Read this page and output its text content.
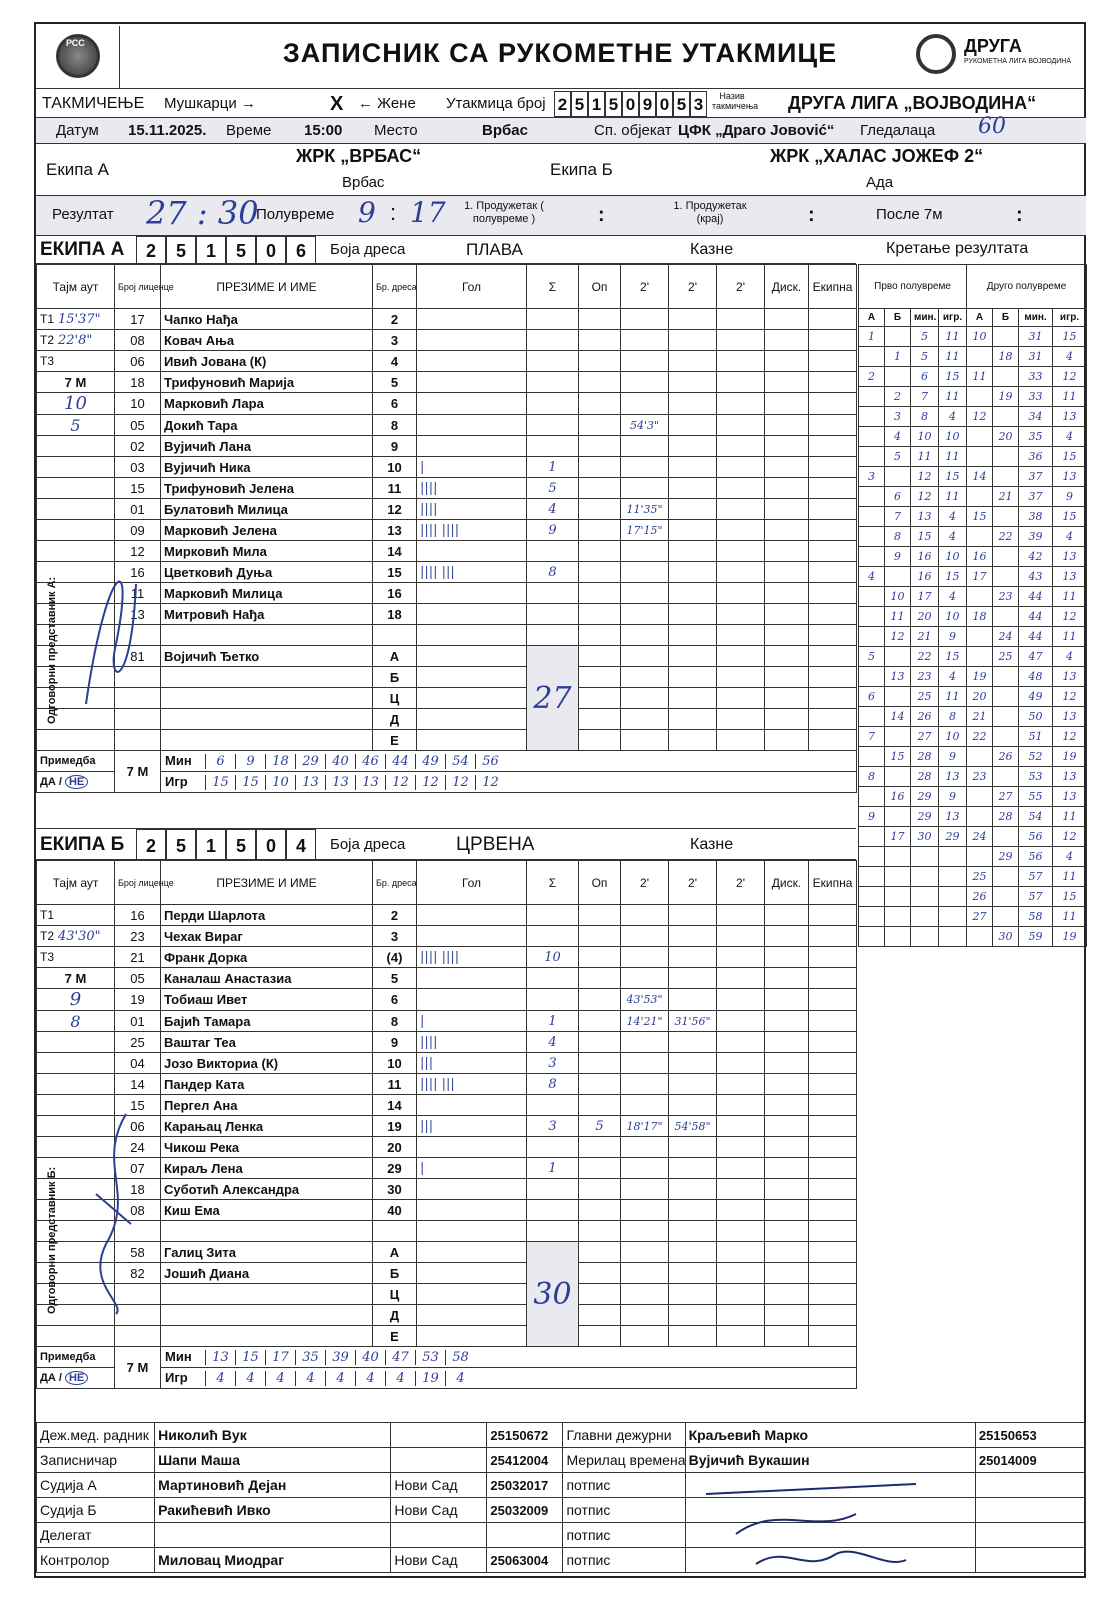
РСС	ЗАПИСНИК СА РУКОМЕТНЕ УТАКМИЦЕ	ДРУГА
РУКОМЕТНА ЛИГА ВОЈВОДИНА
ТАКМИЧЕЊЕ Мушкарци →	X ← Жене Утакмица број 2 5 1 5 0 9 0 5 3	Назив такмичења ДРУГА ЛИГА „ВОЈВОДИНА“
Датум 15.11.2025. Време 15:00 Место	Врбас	Сп. објекат ЦФК „Драго Јовović“ Гледалаца 60
Екипа А
ЖРК „ВРБАС“
Врбас
Екипа Б
ЖРК „ХАЛАС ЈОЖЕФ 2“
Ада
Резултат 27 : 30
Полувреме 9 : 17	1. Продужетак ( полувреме )	:	1. Продужетак (крај)	:	После 7м	:
ЕКИПА А	2	5	1	5	0	6	Боја дреса	ПЛАВА	Казне	Кретање резултата
Тајм аут	Број лиценце	ПРЕЗИМЕ И ИМЕ	Бр. дреса	Гол	Σ	Оп	2'	2'	2'	Диск.	Екипна
T1 15'37"	17	Чапко Нађа	2								
T2 22'8"	08	Ковач Ања	3								
T3	06	Ивић Јована (К)	4								
7 М	18	Трифуновић Марија	5								
10	10	Марковић Лара	6								
5	05	Докић Тара	8				54'3"				
	02	Вујичић Лана	9								
	03	Вујичић Ника	10	|	1						
	15	Трифуновић Јелена	11	||||	5						
	01	Булатовић Милица	12	||||	4		11'35"				
	09	Марковић Јелена	13	|||| ||||	9		17'15"				
	12	Мирковић Мила	14								
	16	Цветковић Дуња	15	|||| |||	8						
	11	Марковић Милица	16								
	13	Митровић Нађа	18								

	81	Војичић Ђетко	А		27						
			Б								
			Ц								
			Д								
			Е								
Примедба	7 М	Мин 6 9 18 29 40 46 44 49 54 56									
ДА / НЕ		Игр 15 15 10 13 13 13 12 12 12 12									
ЕКИПА Б	2	5	1	5	0	4	Боја дреса	ЦРВЕНА	Казне
Тајм аут	Број лиценце	ПРЕЗИМЕ И ИМЕ	Бр. дреса	Гол	Σ	Оп	2'	2'	2'	Диск.	Екипна
T1	16	Перди Шарлота	2								
T2 43'30"	23	Чехак Вираг	3								
T3	21	Франк Дорка	(4)	|||| ||||	10						
7 М	05	Каналаш Анастазиа	5								
9	19	Тобиаш Ивет	6				43'53"				
8	01	Бајић Тамара	8	|	1		14'21"	31'56"			
	25	Ваштаг Теа	9	||||	4						
	04	Јозо Викториа (К)	10	|||	3						
	14	Пандер Ката	11	|||| |||	8						
	15	Пергел Ана	14								
	06	Карањац Ленка	19	|||	3	5	18'17"	54'58"			
	24	Чикош Река	20								
	07	Кираљ Лена	29	|	1						
	18	Суботић Александра	30								
	08	Киш Ема	40								

	58	Галиц Зита	А		30						
	82	Јошић Диана	Б								
			Ц								
			Д								
			Е								
Примедба	7 М	Мин 13 15 17 35 39 40 47 53 58									
ДА / НЕ		Игр 4 4 4 4 4 4 4 19 4									
Прво полувреме				Друго полувреме			
А	Б	мин.	игр.	А	Б	мин.	игр.
1		5	11	10		31	15
	1	5	11		18	31	4
2		6	15	11		33	12
	2	7	11		19	33	11
	3	8	4	12		34	13
	4	10	10		20	35	4
	5	11	11			36	15
3		12	15	14		37	13
	6	12	11		21	37	9
	7	13	4	15		38	15
	8	15	4		22	39	4
	9	16	10	16		42	13
4		16	15	17		43	13
	10	17	4		23	44	11
	11	20	10	18		44	12
	12	21	9		24	44	11
5		22	15		25	47	4
	13	23	4	19		48	13
6		25	11	20		49	12
	14	26	8	21		50	13
7		27	10	22		51	12
	15	28	9		26	52	19
8		28	13	23		53	13
	16	29	9		27	55	13
9		29	13		28	54	11
	17	30	29	24		56	12
					29	56	4
				25		57	11
				26		57	15
				27		58	11
					30	59	19
Одговорни представник А:
Одговорни представник Б:
Деж.мед. радник	Николић Вук		25150672	Главни дежурни	Краљевић Марко	25150653
Записничар	Шапи Маша		25412004	Мерилац времена	Вујичић Вукашин	25014009
Судија А	Мартиновић Дејан	Нови Сад	25032017	потпис		
Судија Б	Ракићевић Ивко	Нови Сад	25032009	потпис		
Делегат				потпис		
Контролор	Миловац Миодраг	Нови Сад	25063004	потпис		
